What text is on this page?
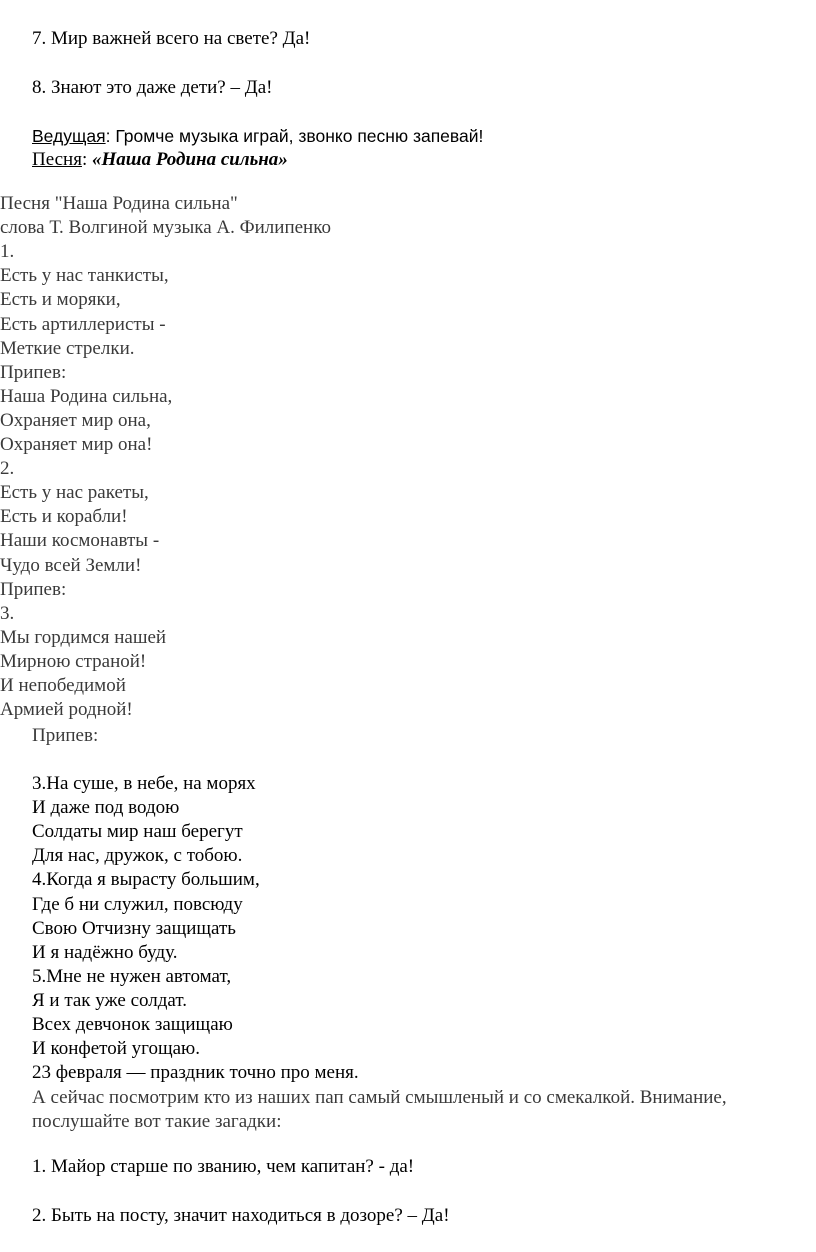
7. Мир важней всего на свете? Да!

8. Знают это даже дети? – Да!

Ведущая: Громче музыка играй, звонко песню запевай!

Песня: «Наша Родина сильна»

Песня "Наша Родина сильна"

слова Т. Волгиной музыка А. Филипенко

1.

Есть у нас танкисты,

Есть и моряки,

Есть артиллеристы -

Меткие стрелки.

Припев:

Наша Родина сильна,

Охраняет мир она,

Охраняет мир она!

2.

Есть у нас ракеты,

Есть и корабли!

Наши космонавты -

Чудо всей Земли!

Припев:

3.

Мы гордимся нашей

Мирною страной!

И непобедимой

Армией родной!

Припев:

3.На суше, в небе, на морях

И даже под водою

Солдаты мир наш берегут

Для нас, дружок, с тобою.

4.Когда я вырасту большим,

Где б ни служил, повсюду

Свою Отчизну защищать

И я надёжно буду.

5.Мне не нужен автомат,

Я и так уже солдат.

Всех девчонок защищаю

И конфетой угощаю.

23 февраля — праздник точно про меня.

А сейчас посмотрим кто из наших пап самый смышленый и со смекалкой. Внимание, послушайте вот такие загадки:

1. Майор старше по званию, чем капитан? - да!

2. Быть на посту, значит находиться в дозоре? – Да!
